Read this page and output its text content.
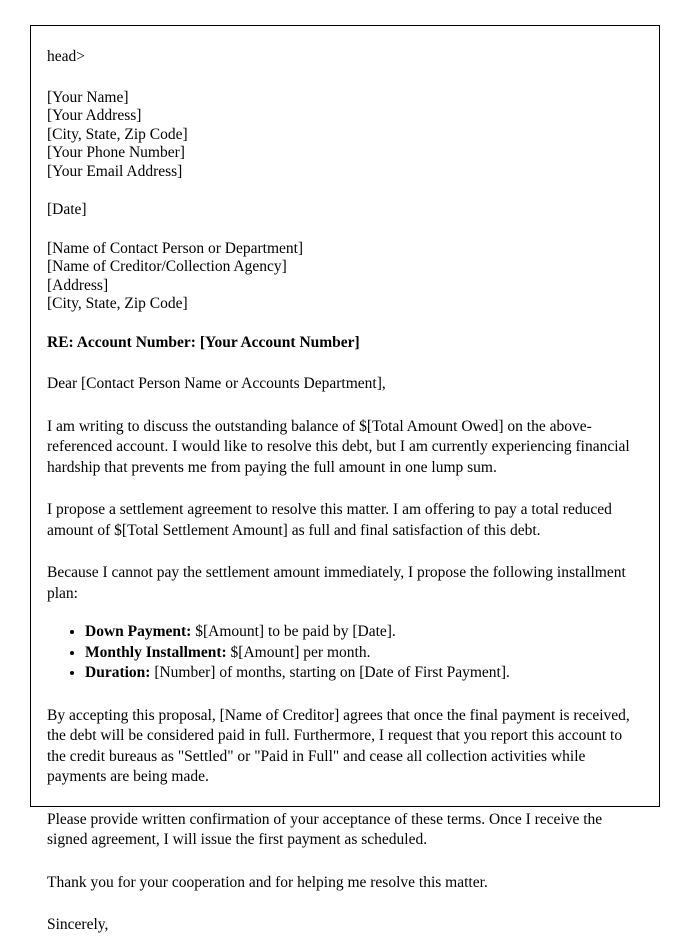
head>
[Your Name]
[Your Address]
[City, State, Zip Code]
[Your Phone Number]
[Your Email Address]
[Date]
[Name of Contact Person or Department]
[Name of Creditor/Collection Agency]
[Address]
[City, State, Zip Code]
RE: Account Number: [Your Account Number]
Dear [Contact Person Name or Accounts Department],

I am writing to discuss the outstanding balance of $[Total Amount Owed] on the above-referenced account. I would like to resolve this debt, but I am currently experiencing financial hardship that prevents me from paying the full amount in one lump sum.

I propose a settlement agreement to resolve this matter. I am offering to pay a total reduced amount of $[Total Settlement Amount] as full and final satisfaction of this debt.

Because I cannot pay the settlement amount immediately, I propose the following installment plan:

• Down Payment: $[Amount] to be paid by [Date].
• Monthly Installment: $[Amount] per month.
• Duration: [Number] of months, starting on [Date of First Payment].

By accepting this proposal, [Name of Creditor] agrees that once the final payment is received, the debt will be considered paid in full. Furthermore, I request that you report this account to the credit bureaus as "Settled" or "Paid in Full" and cease all collection activities while payments are being made.

Please provide written confirmation of your acceptance of these terms. Once I receive the signed agreement, I will issue the first payment as scheduled.

Thank you for your cooperation and for helping me resolve this matter.

Sincerely,
